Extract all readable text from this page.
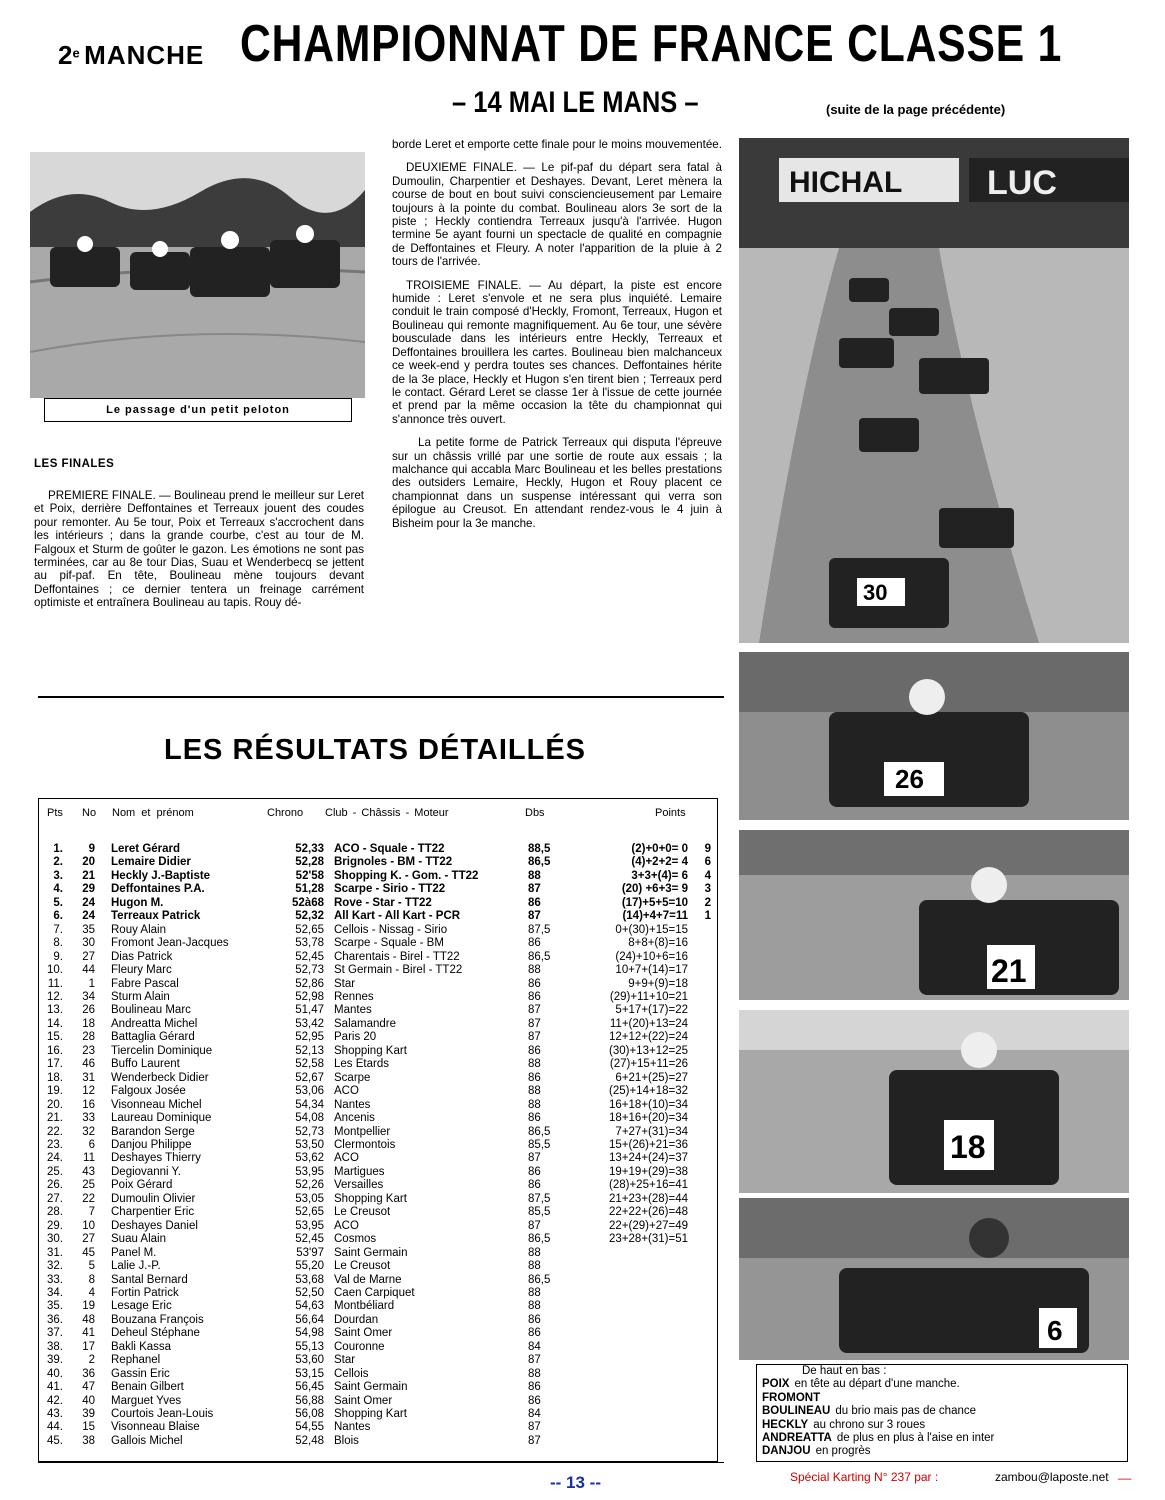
2e MANCHE CHAMPIONNAT DE FRANCE CLASSE 1
– 14 MAI LE MANS –	(suite de la page précédente)
Le passage d'un petit peloton
LES FINALES

PREMIERE FINALE. — Boulineau prend le meilleur sur Leret et Poix, derrière Deffontaines et Terreaux jouent des coudes pour remonter. Au 5e tour, Poix et Terreaux s'accrochent dans les intérieurs ; dans la grande courbe, c'est au tour de M. Falgoux et Sturm de goûter le gazon. Les émotions ne sont pas terminées, car au 8e tour Dias, Suau et Wenderbecq se jettent au pif-paf. En tête, Boulineau mène toujours devant Deffontaines ; ce dernier tentera un freinage carrément optimiste et entraînera Boulineau au tapis. Rouy dé-

borde Leret et emporte cette finale pour le moins mouvementée.

DEUXIEME FINALE. — Le pif-paf du départ sera fatal à Dumoulin, Charpentier et Deshayes. Devant, Leret mènera la course de bout en bout suivi consciencieusement par Lemaire toujours à la pointe du combat. Boulineau alors 3e sort de la piste ; Heckly contiendra Terreaux jusqu'à l'arrivée. Hugon termine 5e ayant fourni un spectacle de qualité en compagnie de Deffontaines et Fleury. A noter l'apparition de la pluie à 2 tours de l'arrivée.

TROISIEME FINALE. — Au départ, la piste est encore humide : Leret s'envole et ne sera plus inquiété. Lemaire conduit le train composé d'Heckly, Fromont, Terreaux, Hugon et Boulineau qui remonte magnifiquement. Au 6e tour, une sévère bousculade dans les intérieurs entre Heckly, Terreaux et Deffontaines brouillera les cartes. Boulineau bien malchanceux ce week-end y perdra toutes ses chances. Deffontaines hérite de la 3e place, Heckly et Hugon s'en tirent bien ; Terreaux perd le contact. Gérard Leret se classe 1er à l'issue de cette journée et prend par la même occasion la tête du championnat qui s'annonce très ouvert.

La petite forme de Patrick Terreaux qui disputa l'épreuve sur un châssis vrillé par une sortie de route aux essais ; la malchance qui accabla Marc Boulineau et les belles prestations des outsiders Lemaire, Heckly, Hugon et Rouy placent ce championnat dans un suspense intéressant qui verra son épilogue au Creusot. En attendant rendez-vous le 4 juin à Bisheim pour la 3e manche.

LES RÉSULTATS DÉTAILLÉS
Pts No Nom et prénom	Chrono Club - Châssis - Moteur	Dbs	Points
1.	9	Leret Gérard	52,33	ACO - Squale - TT22	88,5	(2)+0+0= 0	9
2.	20	Lemaire Didier	52,28	Brignoles - BM - TT22	86,5	(4)+2+2= 4	6
3.	21	Heckly J.-Baptiste	52'58	Shopping K. - Gom. - TT22	88	3+3+(4)= 6	4
4.	29	Deffontaines P.A.	51,28	Scarpe - Sirio - TT22	87	(20) +6+3= 9	3
5.	24	Hugon M.	52à68	Rove - Star - TT22	86	(17)+5+5=10	2
6.	24	Terreaux Patrick	52,32	All Kart - All Kart - PCR	87	(14)+4+7=11	1
7.	35	Rouy Alain	52,65	Cellois - Nissag - Sirio	87,5	0+(30)+15=15	
8.	30	Fromont Jean-Jacques	53,78	Scarpe - Squale - BM	86	8+8+(8)=16	
9.	27	Dias Patrick	52,45	Charentais - Birel - TT22	86,5	(24)+10+6=16	
10.	44	Fleury Marc	52,73	St Germain - Birel - TT22	88	10+7+(14)=17	
11.	1	Fabre Pascal	52,86	Star	86	9+9+(9)=18	
12.	34	Sturm Alain	52,98	Rennes	86	(29)+11+10=21	
13.	26	Boulineau Marc	51,47	Mantes	87	5+17+(17)=22	
14.	18	Andreatta Michel	53,42	Salamandre	87	11+(20)+13=24	
15.	28	Battaglia Gérard	52,95	Paris 20	87	12+12+(22)=24	
16.	23	Tiercelin Dominique	52,13	Shopping Kart	86	(30)+13+12=25	
17.	46	Buffo Laurent	52,58	Les Etards	88	(27)+15+11=26	
18.	31	Wenderbeck Didier	52,67	Scarpe	86	6+21+(25)=27	
19.	12	Falgoux Josée	53,06	ACO	88	(25)+14+18=32	
20.	16	Visonneau Michel	54,34	Nantes	88	16+18+(10)=34	
21.	33	Laureau Dominique	54,08	Ancenis	86	18+16+(20)=34	
22.	32	Barandon Serge	52,73	Montpellier	86,5	7+27+(31)=34	
23.	6	Danjou Philippe	53,50	Clermontois	85,5	15+(26)+21=36	
24.	11	Deshayes Thierry	53,62	ACO	87	13+24+(24)=37	
25.	43	Degiovanni Y.	53,95	Martigues	86	19+19+(29)=38	
26.	25	Poix Gérard	52,26	Versailles	86	(28)+25+16=41	
27.	22	Dumoulin Olivier	53,05	Shopping Kart	87,5	21+23+(28)=44	
28.	7	Charpentier Eric	52,65	Le Creusot	85,5	22+22+(26)=48	
29.	10	Deshayes Daniel	53,95	ACO	87	22+(29)+27=49	
30.	27	Suau Alain	52,45	Cosmos	86,5	23+28+(31)=51	
31.	45	Panel M.	53'97	Saint Germain	88		
32.	5	Lalie J.-P.	55,20	Le Creusot	88		
33.	8	Santal Bernard	53,68	Val de Marne	86,5		
34.	4	Fortin Patrick	52,50	Caen Carpiquet	88		
35.	19	Lesage Eric	54,63	Montbéliard	88		
36.	48	Bouzana François	56,64	Dourdan	86		
37.	41	Deheul Stéphane	54,98	Saint Omer	86		
38.	17	Bakli Kassa	55,13	Couronne	84		
39.	2	Rephanel	53,60	Star	87		
40.	36	Gassin Eric	53,15	Cellois	88		
41.	47	Benain Gilbert	56,45	Saint Germain	86		
42.	40	Marguet Yves	56,88	Saint Omer	86		
43.	39	Courtois Jean-Louis	56,08	Shopping Kart	84		
44.	15	Visonneau Blaise	54,55	Nantes	87		
45.	38	Gallois Michel	52,48	Blois	87		
HICHAL LUC
30
26
21
18
6
De haut en bas :
POIX en tête au départ d'une manche.
FROMONT
BOULINEAU du brio mais pas de chance
HECKLY au chrono sur 3 roues
ANDREATTA de plus en plus à l'aise en inter
DANJOU en progrès
-- 13 --	Spécial Karting N° 237 par :	zambou@laposte.net __
